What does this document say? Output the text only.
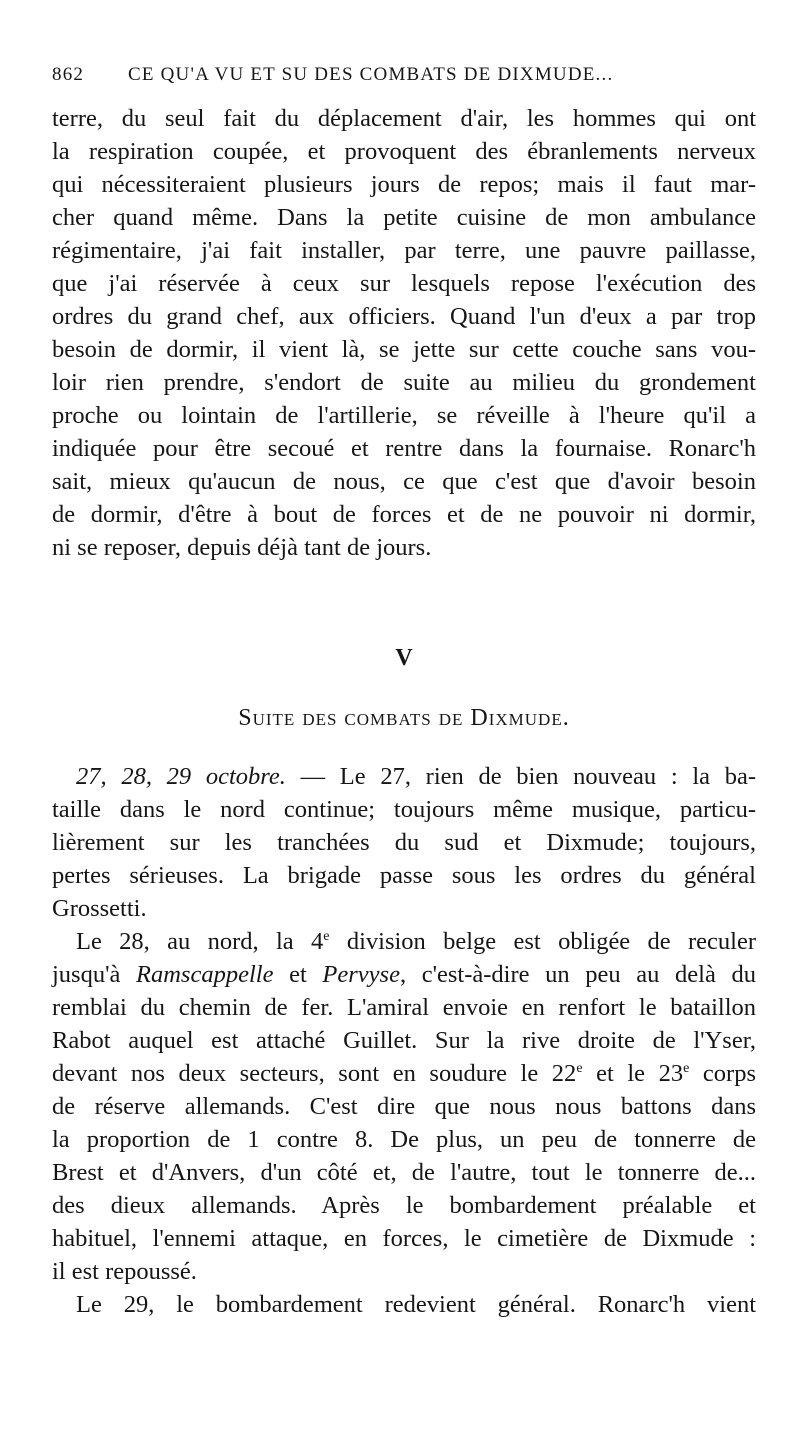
862	CE QU'A VU ET SU DES COMBATS DE DIXMUDE...
terre, du seul fait du déplacement d'air, les hommes qui ont
la respiration coupée, et provoquent des ébranlements nerveux
qui nécessiteraient plusieurs jours de repos; mais il faut mar-
cher quand même. Dans la petite cuisine de mon ambulance
régimentaire, j'ai fait installer, par terre, une pauvre paillasse,
que j'ai réservée à ceux sur lesquels repose l'exécution des
ordres du grand chef, aux officiers. Quand l'un d'eux a par trop
besoin de dormir, il vient là, se jette sur cette couche sans vou-
loir rien prendre, s'endort de suite au milieu du grondement
proche ou lointain de l'artillerie, se réveille à l'heure qu'il a
indiquée pour être secoué et rentre dans la fournaise. Ronarc'h
sait, mieux qu'aucun de nous, ce que c'est que d'avoir besoin
de dormir, d'être à bout de forces et de ne pouvoir ni dormir,
ni se reposer, depuis déjà tant de jours.
V
Suite des combats de Dixmude.
27, 28, 29 octobre. — Le 27, rien de bien nouveau : la ba-
taille dans le nord continue; toujours même musique, particu-
lièrement sur les tranchées du sud et Dixmude; toujours,
pertes sérieuses. La brigade passe sous les ordres du général
Grossetti.
Le 28, au nord, la 4e division belge est obligée de reculer
jusqu'à Ramscappelle et Pervyse, c'est-à-dire un peu au delà du
remblai du chemin de fer. L'amiral envoie en renfort le bataillon
Rabot auquel est attaché Guillet. Sur la rive droite de l'Yser,
devant nos deux secteurs, sont en soudure le 22e et le 23e corps
de réserve allemands. C'est dire que nous nous battons dans
la proportion de 1 contre 8. De plus, un peu de tonnerre de
Brest et d'Anvers, d'un côté et, de l'autre, tout le tonnerre de...
des dieux allemands. Après le bombardement préalable et
habituel, l'ennemi attaque, en forces, le cimetière de Dixmude :
il est repoussé.
Le 29, le bombardement redevient général. Ronarc'h vient
